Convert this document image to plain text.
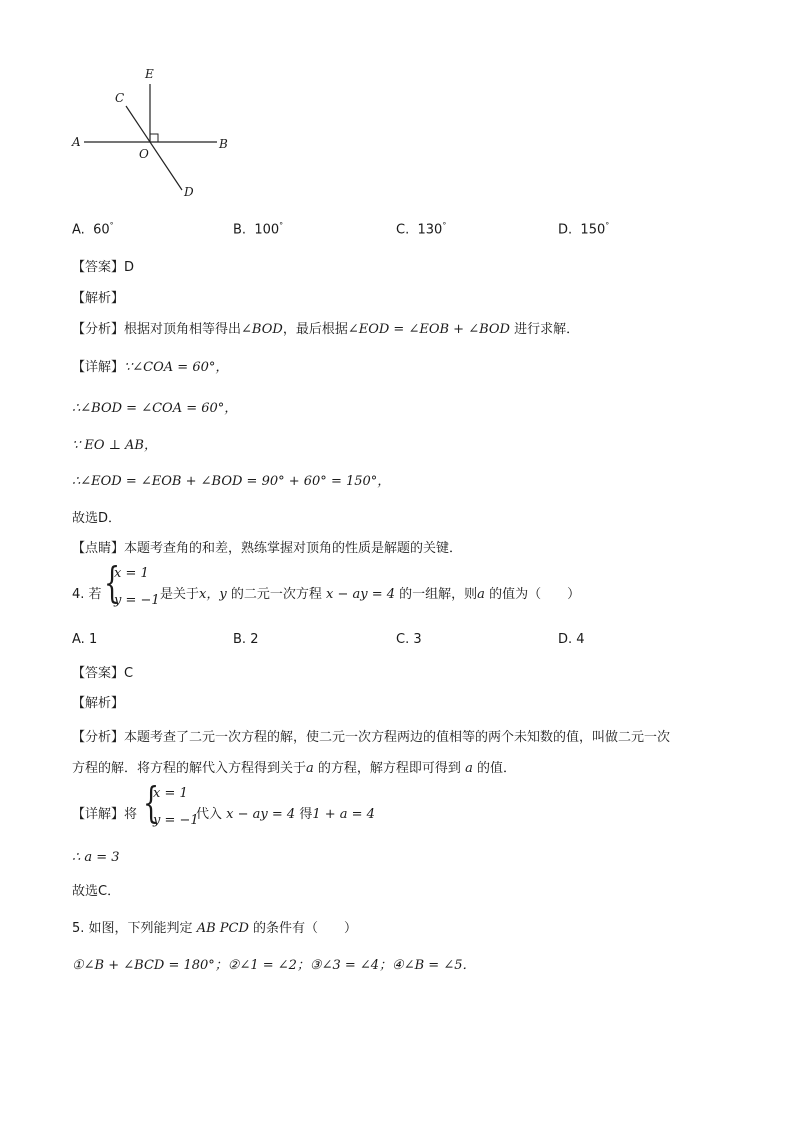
E
C
A
O
B
D
A. 60°	B. 100°	C. 130°	D. 150°
【答案】D
【解析】
【分析】根据对顶角相等得出∠BOD，最后根据∠EOD = ∠EOB + ∠BOD 进行求解．
【详解】∵∠COA = 60°，
∴∠BOD = ∠COA = 60°，
∵ EO ⊥ AB，
∴∠EOD = ∠EOB + ∠BOD = 90° + 60° = 150°，
故选D．
【点睛】本题考查角的和差，熟练掌握对顶角的性质是解题的关键．
4. 若 {
x = 1
y = −1 是关于x，y 的二元一次方程 x − ay = 4 的一组解，则a 的值为（　　）
A. 1	B. 2	C. 3	D. 4
【答案】C
【解析】
【分析】本题考查了二元一次方程的解，使二元一次方程两边的值相等的两个未知数的值，叫做二元一次
方程的解．将方程的解代入方程得到关于a 的方程，解方程即可得到 a 的值．
【详解】将 {
x = 1
y = −1
代入 x − ay = 4 得1 + a = 4
∴ a = 3
故选C．
5. 如图，下列能判定 AB PCD 的条件有（　　）
①∠B + ∠BCD = 180°；②∠1 = ∠2；③∠3 = ∠4；④∠B = ∠5．
